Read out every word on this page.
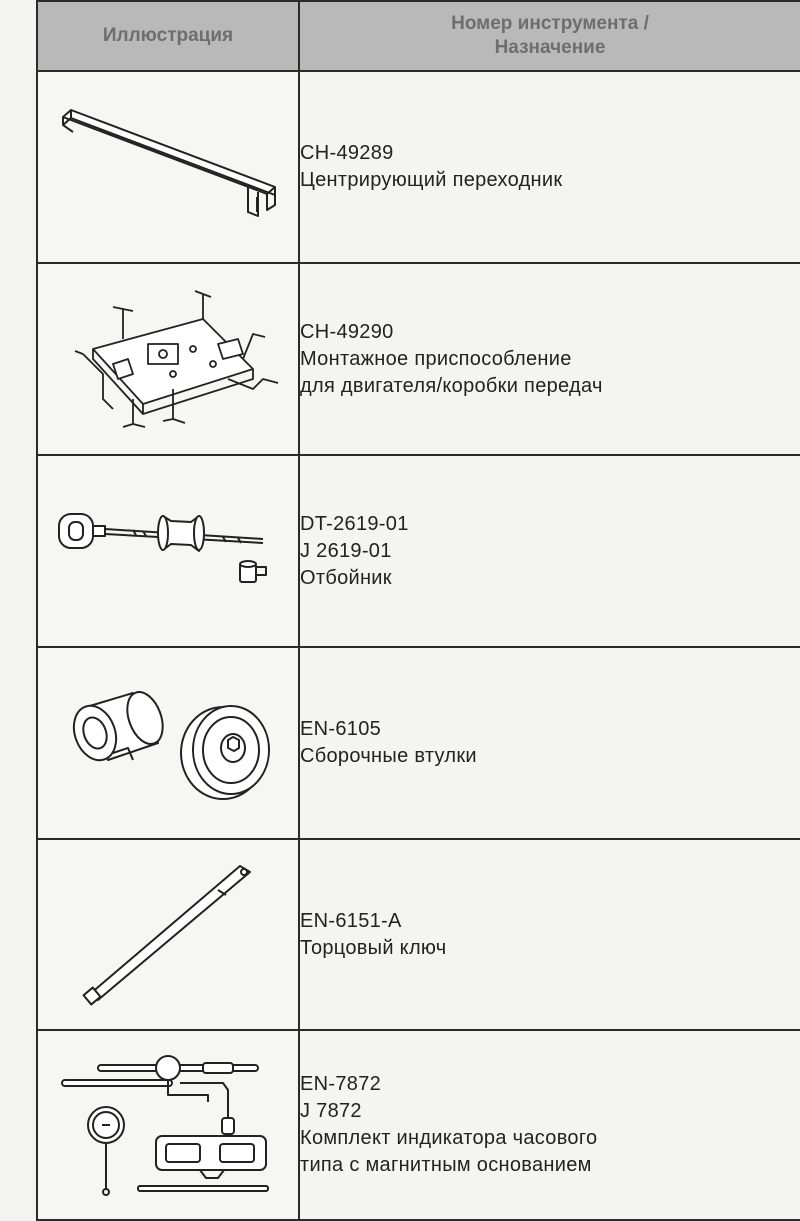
Иллюстрация	Номер инструмента /
Назначение

CH-49289
Центрирующий переходник

CH-49290
Монтажное приспособление
для двигателя/коробки передач

DT-2619-01
J 2619-01
Отбойник

EN-6105
Сборочные втулки

EN-6151-A
Торцовый ключ

EN-7872
J 7872
Комплект индикатора часового
типа с магнитным основанием
